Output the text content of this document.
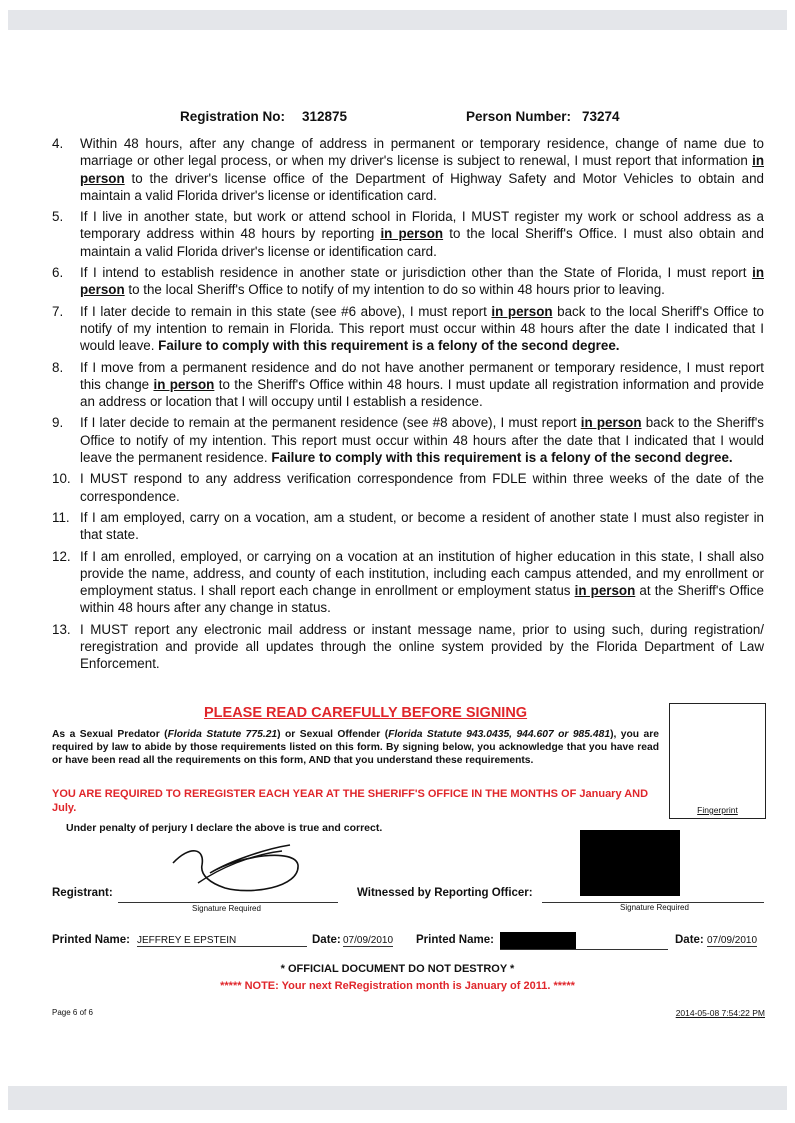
Registration No: 312875	Person Number: 73274
4. Within 48 hours, after any change of address in permanent or temporary residence, change of name due to marriage or other legal process, or when my driver's license is subject to renewal, I must report that information in person to the driver's license office of the Department of Highway Safety and Motor Vehicles to obtain and maintain a valid Florida driver's license or identification card.
5. If I live in another state, but work or attend school in Florida, I MUST register my work or school address as a temporary address within 48 hours by reporting in person to the local Sheriff's Office. I must also obtain and maintain a valid Florida driver's license or identification card.
6. If I intend to establish residence in another state or jurisdiction other than the State of Florida, I must report in person to the local Sheriff's Office to notify of my intention to do so within 48 hours prior to leaving.
7. If I later decide to remain in this state (see #6 above), I must report in person back to the local Sheriff's Office to notify of my intention to remain in Florida. This report must occur within 48 hours after the date I indicated that I would leave. Failure to comply with this requirement is a felony of the second degree.
8. If I move from a permanent residence and do not have another permanent or temporary residence, I must report this change in person to the Sheriff's Office within 48 hours. I must update all registration information and provide an address or location that I will occupy until I establish a residence.
9. If I later decide to remain at the permanent residence (see #8 above), I must report in person back to the Sheriff's Office to notify of my intention. This report must occur within 48 hours after the date that I indicated that I would leave the permanent residence. Failure to comply with this requirement is a felony of the second degree.
10. I MUST respond to any address verification correspondence from FDLE within three weeks of the date of the correspondence.
11. If I am employed, carry on a vocation, am a student, or become a resident of another state I must also register in that state.
12. If I am enrolled, employed, or carrying on a vocation at an institution of higher education in this state, I shall also provide the name, address, and county of each institution, including each campus attended, and my enrollment or employment status. I shall report each change in enrollment or employment status in person at the Sheriff's Office within 48 hours after any change in status.
13. I MUST report any electronic mail address or instant message name, prior to using such, during registration/ reregistration and provide all updates through the online system provided by the Florida Department of Law Enforcement.
PLEASE READ CAREFULLY BEFORE SIGNING
As a Sexual Predator (Florida Statute 775.21) or Sexual Offender (Florida Statute 943.0435, 944.607 or 985.481), you are required by law to abide by those requirements listed on this form. By signing below, you acknowledge that you have read or have been read all the requirements on this form, AND that you understand these requirements.
YOU ARE REQUIRED TO REREGISTER EACH YEAR AT THE SHERIFF'S OFFICE IN THE MONTHS OF January AND July.	Fingerprint
Under penalty of perjury I declare the above is true and correct.
Registrant:
Signature Required
Witnessed by Reporting Officer:
Signature Required
Printed Name: JEFFREY E EPSTEIN	Date: 07/09/2010 Printed Name:	Date: 07/09/2010
* OFFICIAL DOCUMENT DO NOT DESTROY *
***** NOTE: Your next ReRegistration month is January of 2011. *****
Page 6 of 6	2014-05-08 7:54:22 PM
